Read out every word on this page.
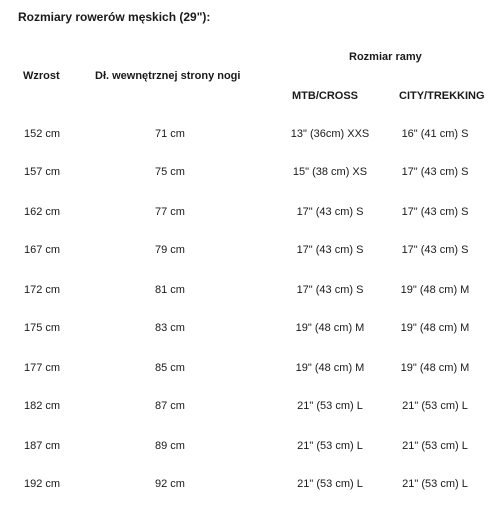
Rozmiary rowerów męskich (29"):
Wzrost	Dł. wewnętrznej strony nogi
Rozmiar ramy
MTB/CROSS	CITY/TREKKING
152 cm	71 cm	13" (36cm) XXS	16" (41 cm) S
157 cm	75 cm	15" (38 cm) XS	17" (43 cm) S
162 cm	77 cm	17" (43 cm) S	17" (43 cm) S
167 cm	79 cm	17" (43 cm) S	17" (43 cm) S
172 cm	81 cm	17" (43 cm) S	19" (48 cm) M
175 cm	83 cm	19" (48 cm) M	19" (48 cm) M
177 cm	85 cm	19" (48 cm) M	19" (48 cm) M
182 cm	87 cm	21" (53 cm) L	21" (53 cm) L
187 cm	89 cm	21" (53 cm) L	21" (53 cm) L
192 cm	92 cm	21" (53 cm) L	21" (53 cm) L
